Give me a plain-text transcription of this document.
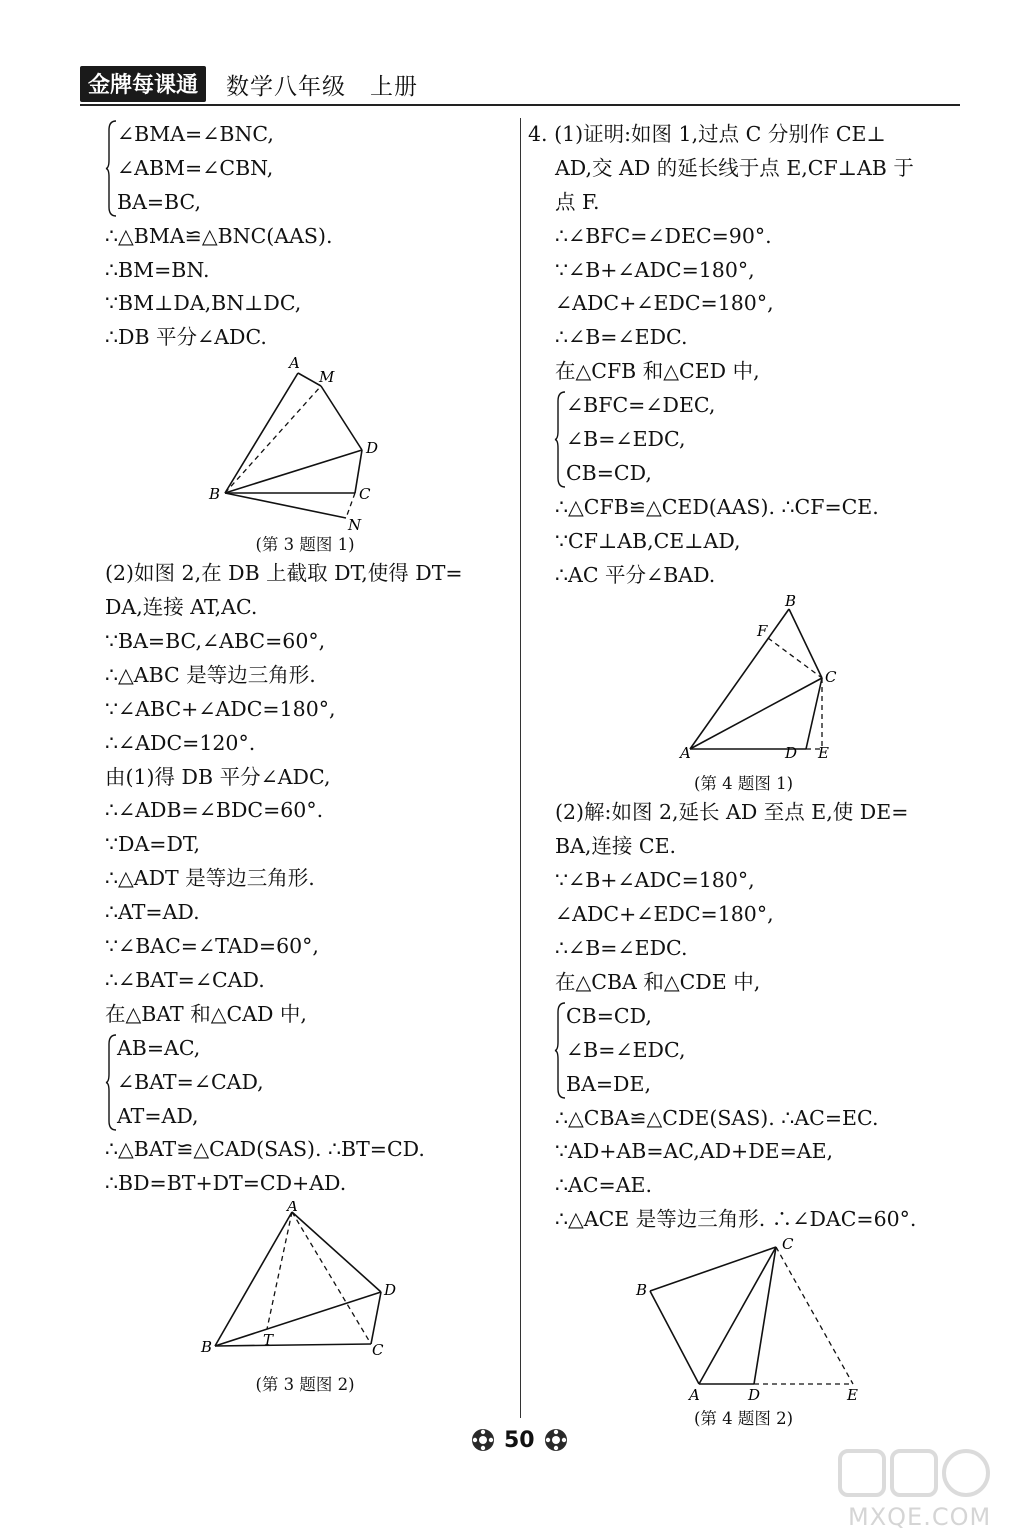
金牌每课通	数学八年级　上册
∠BMA=∠BNC,
∠ABM=∠CBN,
BA=BC,
∴△BMA≌△BNC(AAS).
∴BM=BN.
∵BM⊥DA,BN⊥DC,
∴DB 平分∠ADC.
A
M
D
B	C
N
(第 3 题图 1)
(2)如图 2,在 DB 上截取 DT,使得 DT=
DA,连接 AT,AC.
∵BA=BC,∠ABC=60°,
∴△ABC 是等边三角形.
∵∠ABC+∠ADC=180°,
∴∠ADC=120°.
由(1)得 DB 平分∠ADC,
∴∠ADB=∠BDC=60°.
∵DA=DT,
∴△ADT 是等边三角形.
∴AT=AD.
∵∠BAC=∠TAD=60°,
∴∠BAT=∠CAD.
在△BAT 和△CAD 中,
AB=AC,
∠BAT=∠CAD,
AT=AD,
∴△BAT≌△CAD(SAS). ∴BT=CD.
∴BD=BT+DT=CD+AD.
A
D
B	T
C
(第 3 题图 2)
4. (1)证明:如图 1,过点 C 分别作 CE⊥
AD,交 AD 的延长线于点 E,CF⊥AB 于
点 F.
∴∠BFC=∠DEC=90°.
∵∠B+∠ADC=180°,
∠ADC+∠EDC=180°,
∴∠B=∠EDC.
在△CFB 和△CED 中,
∠BFC=∠DEC,
∠B=∠EDC,
CB=CD,
∴△CFB≌△CED(AAS). ∴CF=CE.
∵CF⊥AB,CE⊥AD,
∴AC 平分∠BAD.
B
F
C
A	D E
(第 4 题图 1)
(2)解:如图 2,延长 AD 至点 E,使 DE=
BA,连接 CE.
∵∠B+∠ADC=180°,
∠ADC+∠EDC=180°,
∴∠B=∠EDC.
在△CBA 和△CDE 中,
CB=CD,
∠B=∠EDC,
BA=DE,
∴△CBA≌△CDE(SAS). ∴AC=EC.
∵AD+AB=AC,AD+DE=AE,
∴AC=AE.
∴△ACE 是等边三角形. ∴∠DAC=60°.
C
B
A	D	E
(第 4 题图 2)
50
MXQE.COM
